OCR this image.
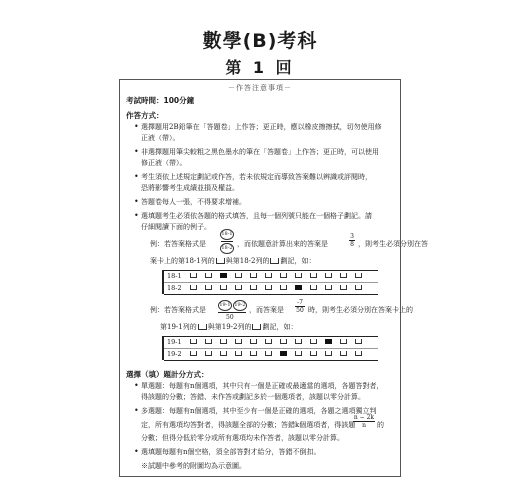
數學(B)考科
第 1 回
－作答注意事項－
考試時間：100分鐘
作答方式：
• 選擇題用2B鉛筆在「答題卷」上作答；更正時，應以橡皮擦擦拭，切勿使用修
正液（帶）。
• 非選擇題用筆尖較粗之黑色墨水的筆在「答題卷」上作答；更正時，可以使用
修正液（帶）。
• 考生須依上述規定劃記或作答，若未依規定而導致答案難以辨識或評閱時，
恐將影響考生成績並損及權益。
• 答題卷每人一張，不得要求增補。
• 選填題考生必須依各題的格式填答，且每一個列號只能在一個格子劃記。請
仔細閱讀下面的例子。
例：若答案格式是
18-1
18-2 ，而依題意計算出來的答案是
3
8 ，則考生必須分別在答
案卡上的第18-1列的 與第18-2列的 劃記，如：
18-1
18-2
例：若答案格式是
19-1 19-2
50
，而答案是
-7
50 時，則考生必須分別在答案卡上的
第19-1列的 與第19-2列的 劃記，如：
19-1
19-2
選擇（填）題計分方式：
• 單選題：每題有n個選項，其中只有一個是正確或最適當的選項，各題答對者，
得該題的分數；答錯、未作答或劃記多於一個選項者，該題以零分計算。
• 多選題：每題有n個選項，其中至少有一個是正確的選項，各題之選項獨立判
定，所有選項均答對者，得該題全部的分數；答錯k個選項者，得該題
n − 2k
n	的
分數；但得分低於零分或所有選項均未作答者，該題以零分計算。
• 選填題每題有n個空格，須全部答對才給分，答錯不倒扣。
※試題中參考的附圖均為示意圖。
